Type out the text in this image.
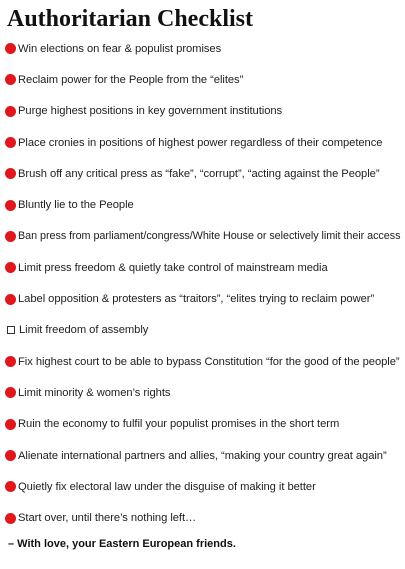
Authoritarian Checklist
Win elections on fear & populist promises
Reclaim power for the People from the “elites”
Purge highest positions in key government institutions
Place cronies in positions of highest power regardless of their competence
Brush off any critical press as “fake”, “corrupt”, “acting against the People”
Bluntly lie to the People
Ban press from parliament/congress/White House or selectively limit their access
Limit press freedom & quietly take control of mainstream media
Label opposition & protesters as “traitors”, “elites trying to reclaim power”
Limit freedom of assembly
Fix highest court to be able to bypass Constitution “for the good of the people”
Limit minority & women’s rights
Ruin the economy to fulfil your populist promises in the short term
Alienate international partners and allies, “making your country great again”
Quietly fix electoral law under the disguise of making it better
Start over, until there’s nothing left…
– With love, your Eastern European friends.
